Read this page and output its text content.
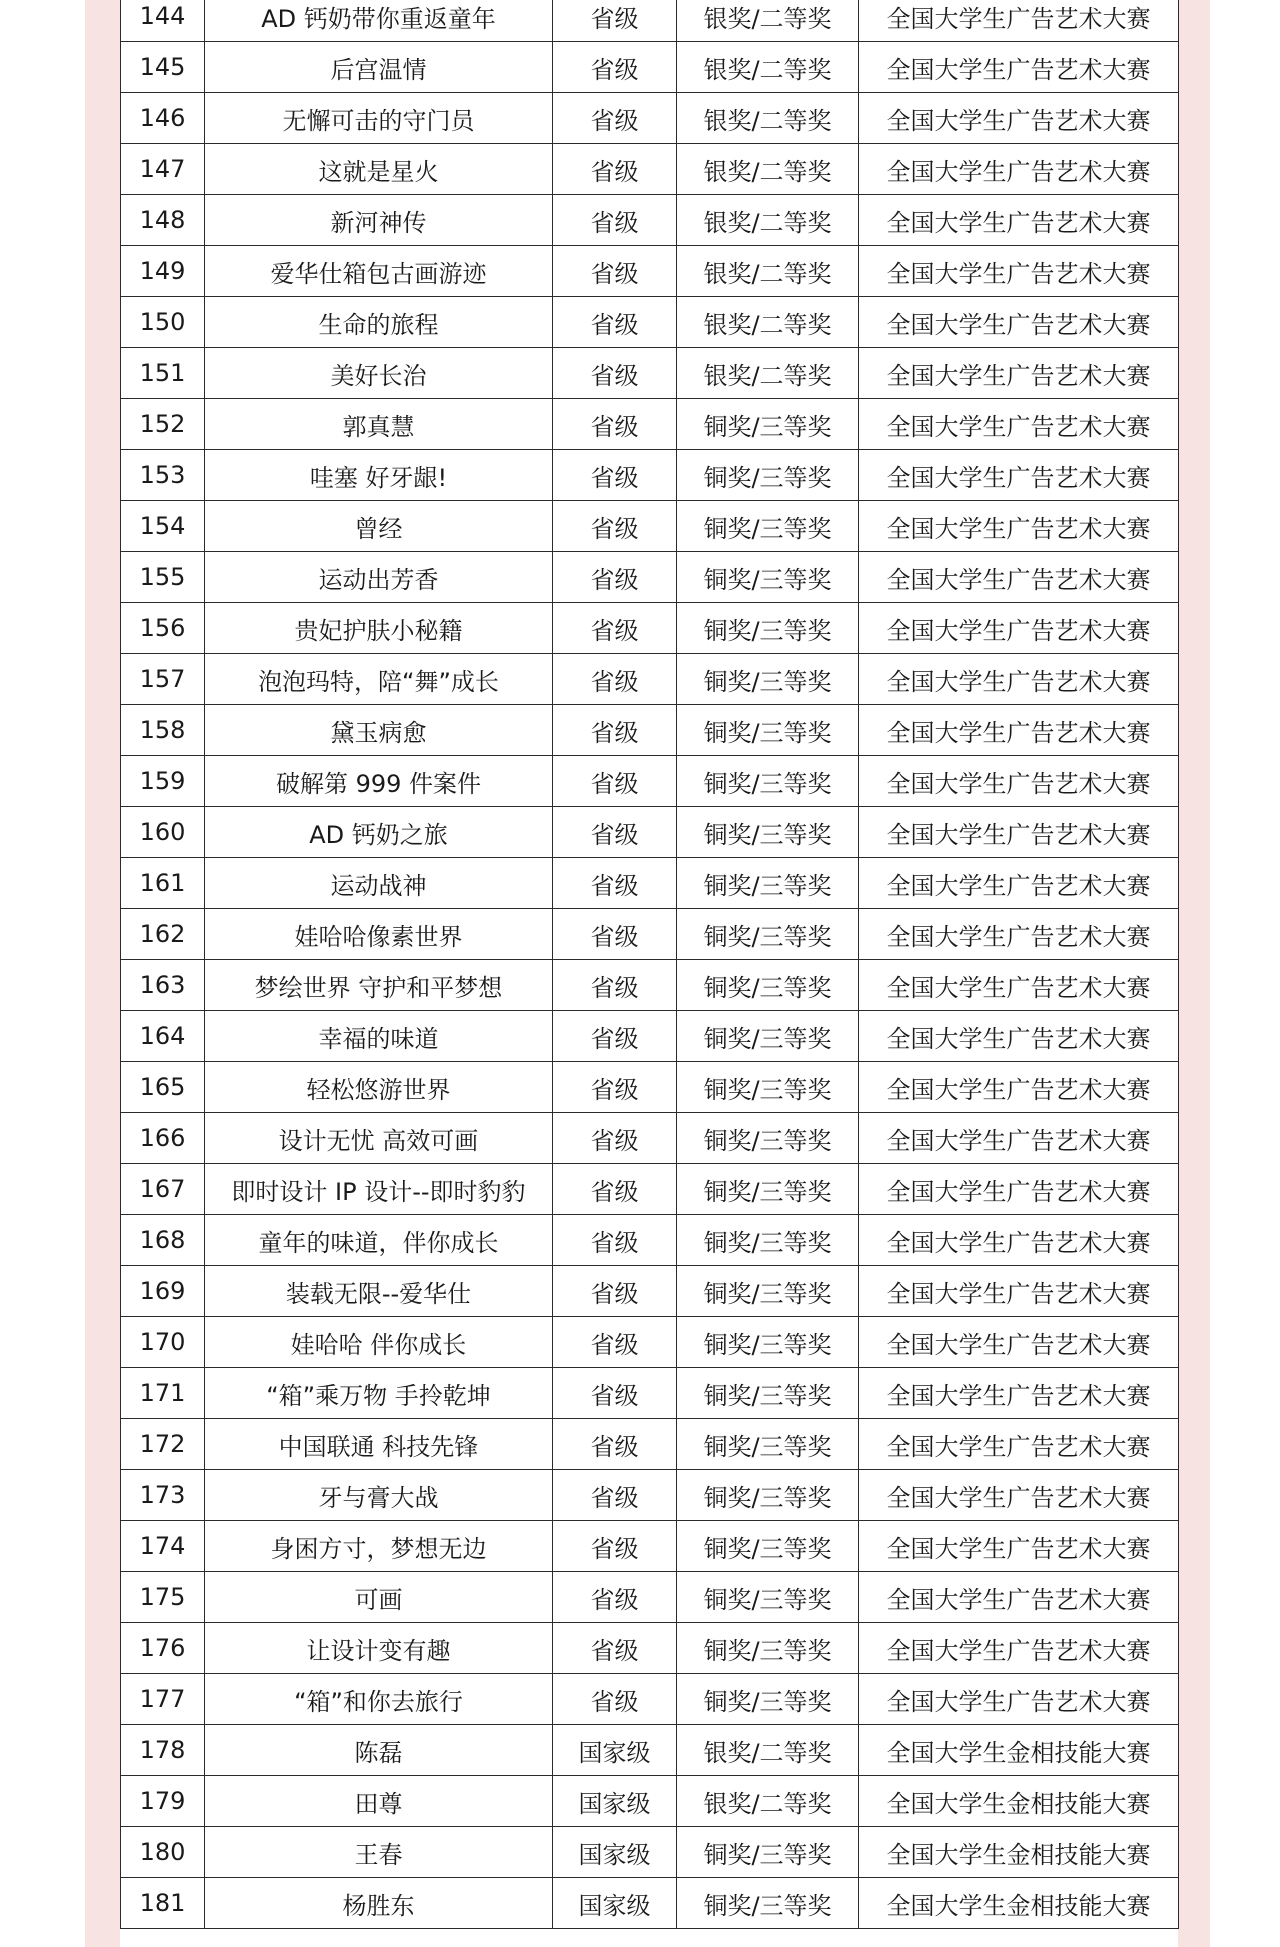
144	AD 钙奶带你重返童年	省级	银奖/二等奖	全国大学生广告艺术大赛
145	后宫温情	省级	银奖/二等奖	全国大学生广告艺术大赛
146	无懈可击的守门员	省级	银奖/二等奖	全国大学生广告艺术大赛
147	这就是星火	省级	银奖/二等奖	全国大学生广告艺术大赛
148	新河神传	省级	银奖/二等奖	全国大学生广告艺术大赛
149	爱华仕箱包古画游迹	省级	银奖/二等奖	全国大学生广告艺术大赛
150	生命的旅程	省级	银奖/二等奖	全国大学生广告艺术大赛
151	美好长治	省级	银奖/二等奖	全国大学生广告艺术大赛
152	郭真慧	省级	铜奖/三等奖	全国大学生广告艺术大赛
153	哇塞 好牙龈!	省级	铜奖/三等奖	全国大学生广告艺术大赛
154	曾经	省级	铜奖/三等奖	全国大学生广告艺术大赛
155	运动出芳香	省级	铜奖/三等奖	全国大学生广告艺术大赛
156	贵妃护肤小秘籍	省级	铜奖/三等奖	全国大学生广告艺术大赛
157	泡泡玛特，陪“舞”成长	省级	铜奖/三等奖	全国大学生广告艺术大赛
158	黛玉病愈	省级	铜奖/三等奖	全国大学生广告艺术大赛
159	破解第 999 件案件	省级	铜奖/三等奖	全国大学生广告艺术大赛
160	AD 钙奶之旅	省级	铜奖/三等奖	全国大学生广告艺术大赛
161	运动战神	省级	铜奖/三等奖	全国大学生广告艺术大赛
162	娃哈哈像素世界	省级	铜奖/三等奖	全国大学生广告艺术大赛
163	梦绘世界 守护和平梦想	省级	铜奖/三等奖	全国大学生广告艺术大赛
164	幸福的味道	省级	铜奖/三等奖	全国大学生广告艺术大赛
165	轻松悠游世界	省级	铜奖/三等奖	全国大学生广告艺术大赛
166	设计无忧 高效可画	省级	铜奖/三等奖	全国大学生广告艺术大赛
167	即时设计 IP 设计--即时豹豹	省级	铜奖/三等奖	全国大学生广告艺术大赛
168	童年的味道，伴你成长	省级	铜奖/三等奖	全国大学生广告艺术大赛
169	装载无限--爱华仕	省级	铜奖/三等奖	全国大学生广告艺术大赛
170	娃哈哈 伴你成长	省级	铜奖/三等奖	全国大学生广告艺术大赛
171	“箱”乘万物 手拎乾坤	省级	铜奖/三等奖	全国大学生广告艺术大赛
172	中国联通 科技先锋	省级	铜奖/三等奖	全国大学生广告艺术大赛
173	牙与膏大战	省级	铜奖/三等奖	全国大学生广告艺术大赛
174	身困方寸，梦想无边	省级	铜奖/三等奖	全国大学生广告艺术大赛
175	可画	省级	铜奖/三等奖	全国大学生广告艺术大赛
176	让设计变有趣	省级	铜奖/三等奖	全国大学生广告艺术大赛
177	“箱”和你去旅行	省级	铜奖/三等奖	全国大学生广告艺术大赛
178	陈磊	国家级	银奖/二等奖	全国大学生金相技能大赛
179	田尊	国家级	银奖/二等奖	全国大学生金相技能大赛
180	王春	国家级	铜奖/三等奖	全国大学生金相技能大赛
181	杨胜东	国家级	铜奖/三等奖	全国大学生金相技能大赛
